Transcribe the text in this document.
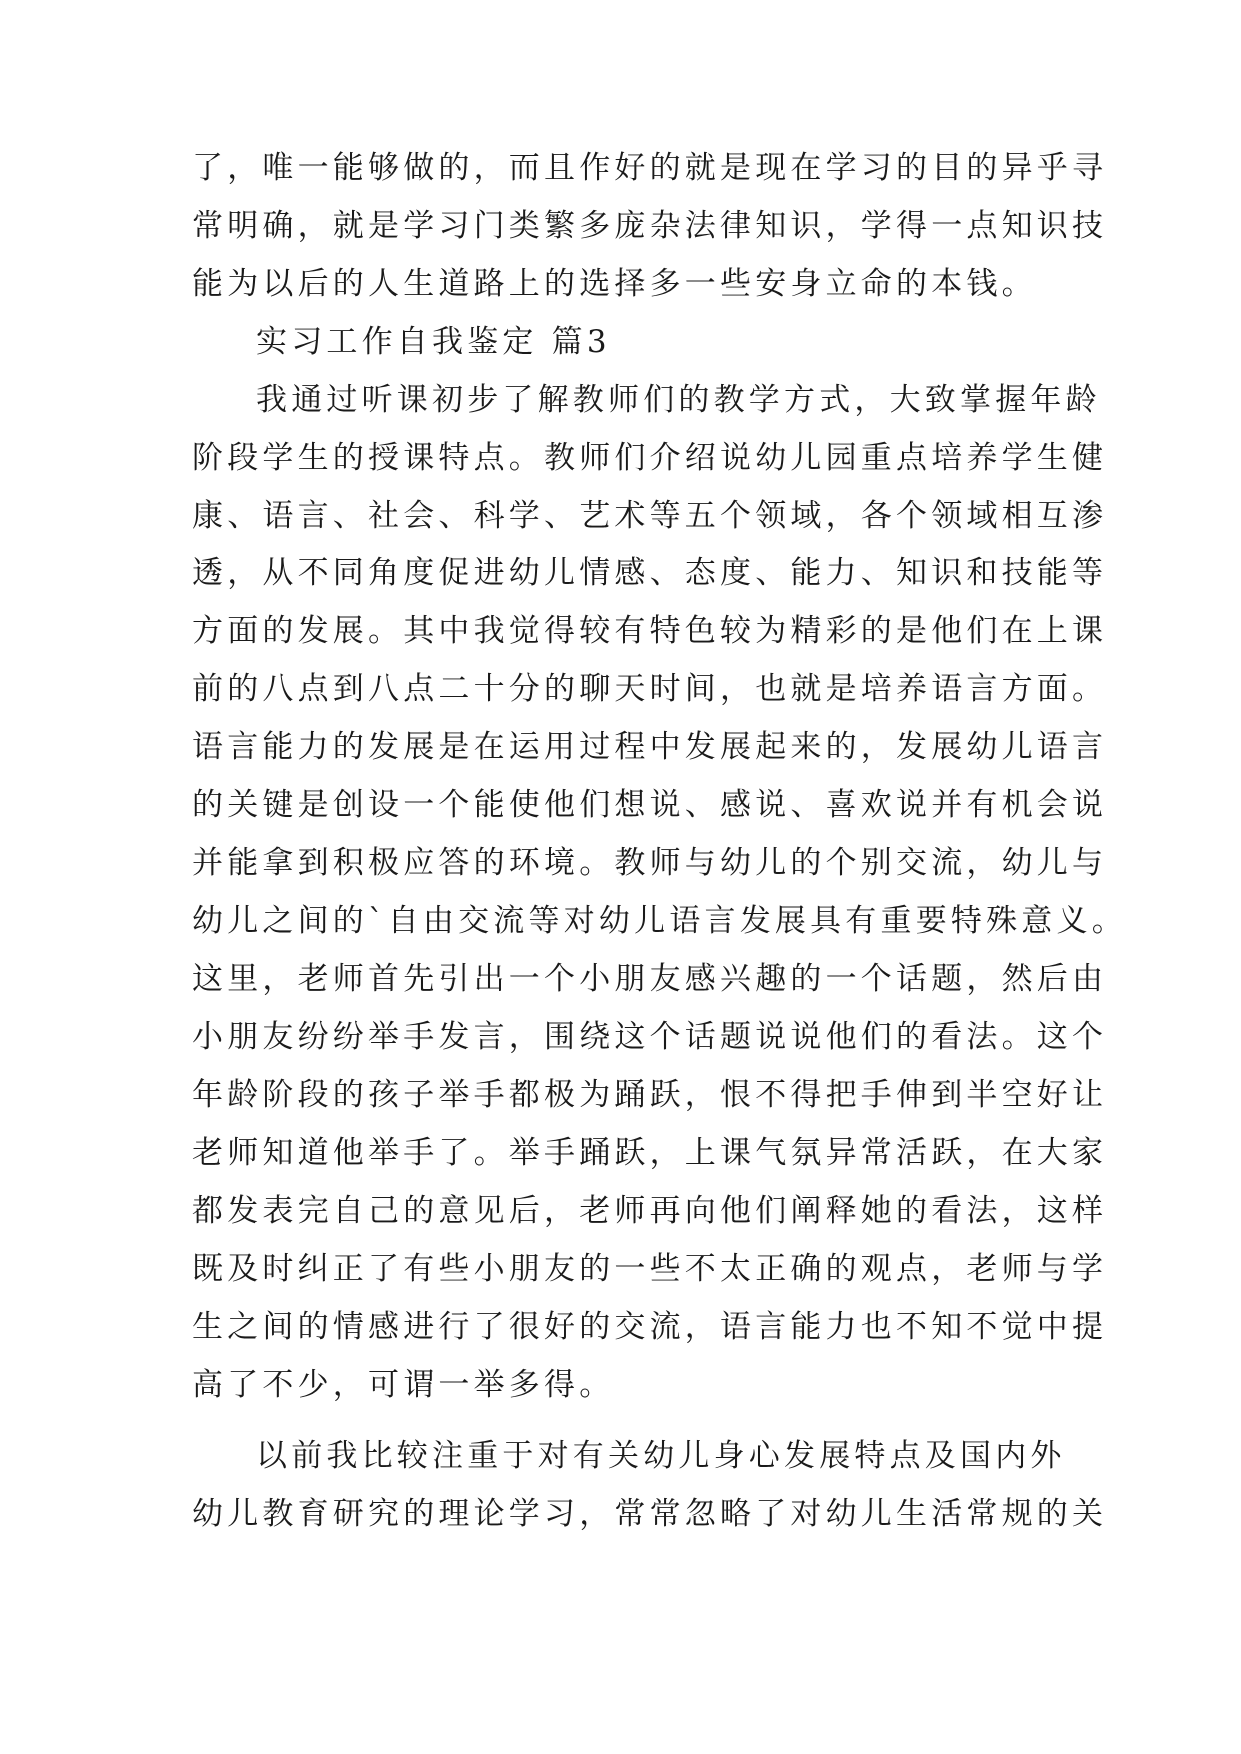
了，唯一能够做的，而且作好的就是现在学习的目的异乎寻
常明确，就是学习门类繁多庞杂法律知识，学得一点知识技
能为以后的人生道路上的选择多一些安身立命的本钱。
实习工作自我鉴定 篇3
我通过听课初步了解教师们的教学方式，大致掌握年龄
阶段学生的授课特点。教师们介绍说幼儿园重点培养学生健
康、语言、社会、科学、艺术等五个领域，各个领域相互渗
透，从不同角度促进幼儿情感、态度、能力、知识和技能等
方面的发展。其中我觉得较有特色较为精彩的是他们在上课
前的八点到八点二十分的聊天时间，也就是培养语言方面。
语言能力的发展是在运用过程中发展起来的，发展幼儿语言
的关键是创设一个能使他们想说、感说、喜欢说并有机会说
并能拿到积极应答的环境。教师与幼儿的个别交流，幼儿与
幼儿之间的`自由交流等对幼儿语言发展具有重要特殊意义。
这里，老师首先引出一个小朋友感兴趣的一个话题，然后由
小朋友纷纷举手发言，围绕这个话题说说他们的看法。这个
年龄阶段的孩子举手都极为踊跃，恨不得把手伸到半空好让
老师知道他举手了。举手踊跃，上课气氛异常活跃，在大家
都发表完自己的意见后，老师再向他们阐释她的看法，这样
既及时纠正了有些小朋友的一些不太正确的观点，老师与学
生之间的情感进行了很好的交流，语言能力也不知不觉中提
高了不少，可谓一举多得。
以前我比较注重于对有关幼儿身心发展特点及国内外
幼儿教育研究的理论学习，常常忽略了对幼儿生活常规的关
